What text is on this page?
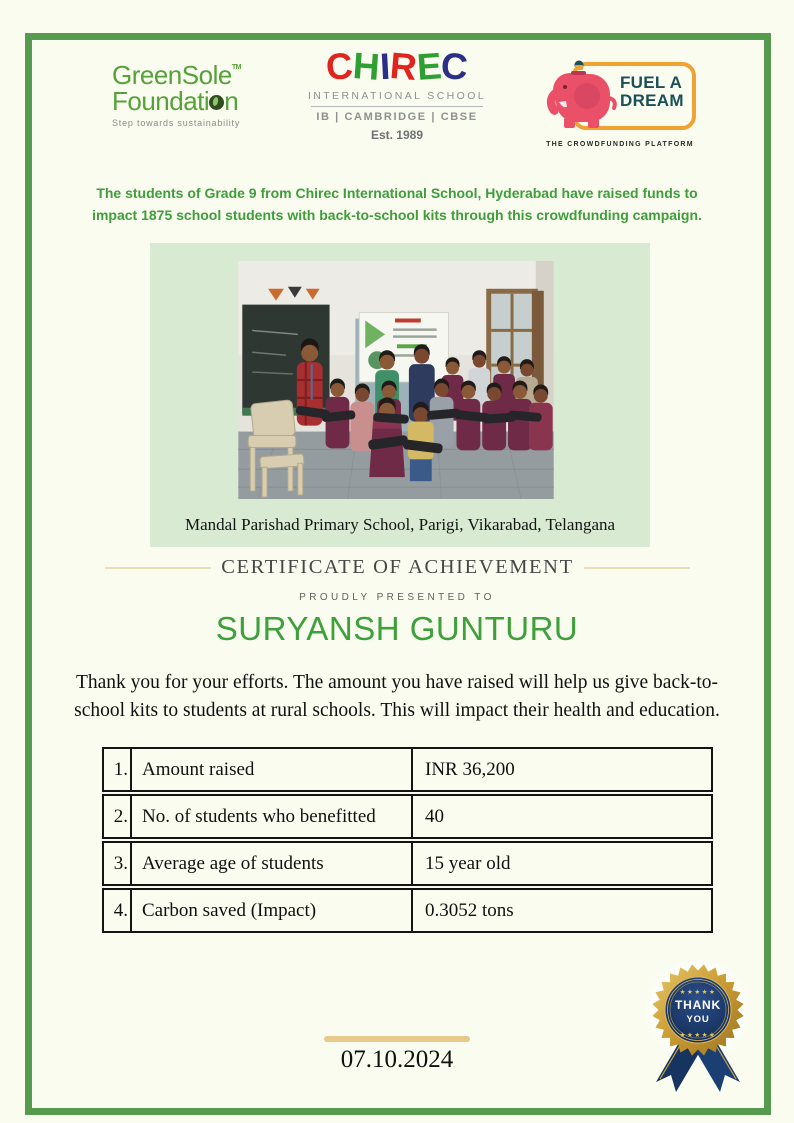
GreenSole™
Foundati n
Step towards sustainability
CHIREC
INTERNATIONAL SCHOOL
IB | CAMBRIDGE | CBSE
Est. 1989
FUEL A
DREAM
THE CROWDFUNDING PLATFORM
The students of Grade 9 from Chirec International School, Hyderabad have raised funds to
impact 1875 school students with back-to-school kits through this crowdfunding campaign.
Mandal Parishad Primary School, Parigi, Vikarabad, Telangana
CERTIFICATE OF ACHIEVEMENT
PROUDLY PRESENTED TO
SURYANSH GUNTURU
Thank you for your efforts. The amount you have raised will help us give back-to-
school kits to students at rural schools. This will impact their health and education.
1. Amount raised	INR 36,200
2. No. of students who benefitted	40
3. Average age of students	15 year old
4. Carbon saved (Impact)	0.3052 tons
★★★★★
THANK
YOU
★★★★★
07.10.2024
